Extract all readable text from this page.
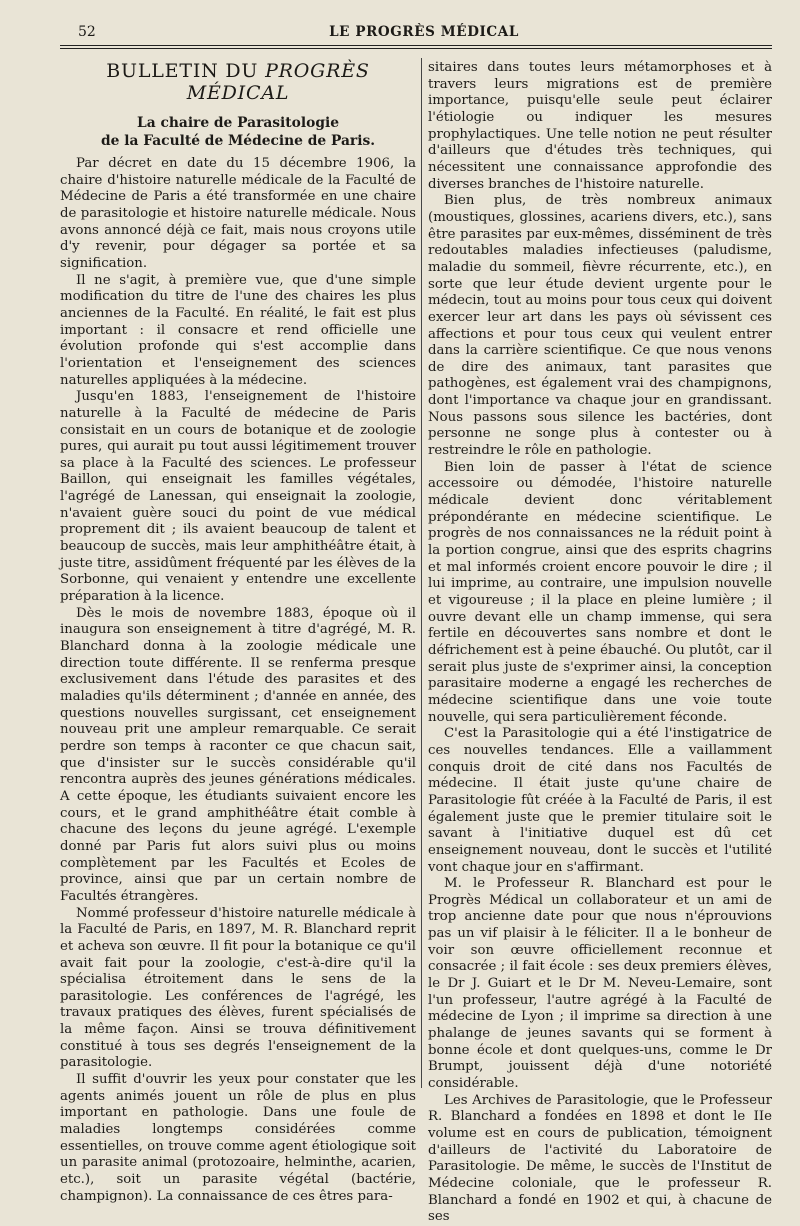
52	LE PROGRÈS MÉDICAL
BULLETIN DU PROGRÈS MÉDICAL
La chaire de Parasitologie
de la Faculté de Médecine de Paris.

Par décret en date du 15 décembre 1906, la chaire d'histoire naturelle médicale de la Faculté de Médecine de Paris a été transformée en une chaire de parasitologie et histoire naturelle médicale. Nous avons annoncé déjà ce fait, mais nous croyons utile d'y revenir, pour dégager sa portée et sa signification.

Il ne s'agit, à première vue, que d'une simple modification du titre de l'une des chaires les plus anciennes de la Faculté. En réalité, le fait est plus important : il consacre et rend officielle une évolution profonde qui s'est accomplie dans l'orientation et l'enseignement des sciences naturelles appliquées à la médecine.

Jusqu'en 1883, l'enseignement de l'histoire naturelle à la Faculté de médecine de Paris consistait en un cours de botanique et de zoologie pures, qui aurait pu tout aussi légitimement trouver sa place à la Faculté des sciences. Le professeur Baillon, qui enseignait les familles végétales, l'agrégé de Lanessan, qui enseignait la zoologie, n'avaient guère souci du point de vue médical proprement dit ; ils avaient beaucoup de talent et beaucoup de succès, mais leur amphithéâtre était, à juste titre, assidûment fréquenté par les élèves de la Sorbonne, qui venaient y entendre une excellente préparation à la licence.

Dès le mois de novembre 1883, époque où il inaugura son enseignement à titre d'agrégé, M. R. Blanchard donna à la zoologie médicale une direction toute différente. Il se renferma presque exclusivement dans l'étude des parasites et des maladies qu'ils déterminent ; d'année en année, des questions nouvelles surgissant, cet enseignement nouveau prit une ampleur remarquable. Ce serait perdre son temps à raconter ce que chacun sait, que d'insister sur le succès considérable qu'il rencontra auprès des jeunes générations médicales. A cette époque, les étudiants suivaient encore les cours, et le grand amphithéâtre était comble à chacune des leçons du jeune agrégé. L'exemple donné par Paris fut alors suivi plus ou moins complètement par les Facultés et Ecoles de province, ainsi que par un certain nombre de Facultés étrangères.

Nommé professeur d'histoire naturelle médicale à la Faculté de Paris, en 1897, M. R. Blanchard reprit et acheva son œuvre. Il fit pour la botanique ce qu'il avait fait pour la zoologie, c'est-à-dire qu'il la spécialisa étroitement dans le sens de la parasitologie. Les conférences de l'agrégé, les travaux pratiques des élèves, furent spécialisés de la même façon. Ainsi se trouva définitivement constitué à tous ses degrés l'enseignement de la parasitologie.

Il suffit d'ouvrir les yeux pour constater que les agents animés jouent un rôle de plus en plus important en pathologie. Dans une foule de maladies longtemps considérées comme essentielles, on trouve comme agent étiologique soit un parasite animal (protozoaire, helminthe, acarien, etc.), soit un parasite végétal (bactérie, champignon). La connaissance de ces êtres para-

sitaires dans toutes leurs métamorphoses et à travers leurs migrations est de première importance, puisqu'elle seule peut éclairer l'étiologie ou indiquer les mesures prophylactiques. Une telle notion ne peut résulter d'ailleurs que d'études très techniques, qui nécessitent une connaissance approfondie des diverses branches de l'histoire naturelle.

Bien plus, de très nombreux animaux (moustiques, glossines, acariens divers, etc.), sans être parasites par eux-mêmes, disséminent de très redoutables maladies infectieuses (paludisme, maladie du sommeil, fièvre récurrente, etc.), en sorte que leur étude devient urgente pour le médecin, tout au moins pour tous ceux qui doivent exercer leur art dans les pays où sévissent ces affections et pour tous ceux qui veulent entrer dans la carrière scientifique. Ce que nous venons de dire des animaux, tant parasites que pathogènes, est également vrai des champignons, dont l'importance va chaque jour en grandissant. Nous passons sous silence les bactéries, dont personne ne songe plus à contester ou à restreindre le rôle en pathologie.

Bien loin de passer à l'état de science accessoire ou démodée, l'histoire naturelle médicale devient donc véritablement prépondérante en médecine scientifique. Le progrès de nos connaissances ne la réduit point à la portion congrue, ainsi que des esprits chagrins et mal informés croient encore pouvoir le dire ; il lui imprime, au contraire, une impulsion nouvelle et vigoureuse ; il la place en pleine lumière ; il ouvre devant elle un champ immense, qui sera fertile en découvertes sans nombre et dont le défrichement est à peine ébauché. Ou plutôt, car il serait plus juste de s'exprimer ainsi, la conception parasitaire moderne a engagé les recherches de médecine scientifique dans une voie toute nouvelle, qui sera particulièrement féconde.

C'est la Parasitologie qui a été l'instigatrice de ces nouvelles tendances. Elle a vaillamment conquis droit de cité dans nos Facultés de médecine. Il était juste qu'une chaire de Parasitologie fût créée à la Faculté de Paris, il est également juste que le premier titulaire soit le savant à l'initiative duquel est dû cet enseignement nouveau, dont le succès et l'utilité vont chaque jour en s'affirmant.

M. le Professeur R. Blanchard est pour le Progrès Médical un collaborateur et un ami de trop ancienne date pour que nous n'éprouvions pas un vif plaisir à le féliciter. Il a le bonheur de voir son œuvre officiellement reconnue et consacrée ; il fait école : ses deux premiers élèves, le Dr J. Guiart et le Dr M. Neveu-Lemaire, sont l'un professeur, l'autre agrégé à la Faculté de médecine de Lyon ; il imprime sa direction à une phalange de jeunes savants qui se forment à bonne école et dont quelques-uns, comme le Dr Brumpt, jouissent déjà d'une notoriété considérable.

Les Archives de Parasitologie, que le Professeur R. Blanchard a fondées en 1898 et dont le IIe volume est en cours de publication, témoignent d'ailleurs de l'activité du Laboratoire de Parasitologie. De même, le succès de l'Institut de Médecine coloniale, que le professeur R. Blanchard a fondé en 1902 et qui, à chacune de ses
